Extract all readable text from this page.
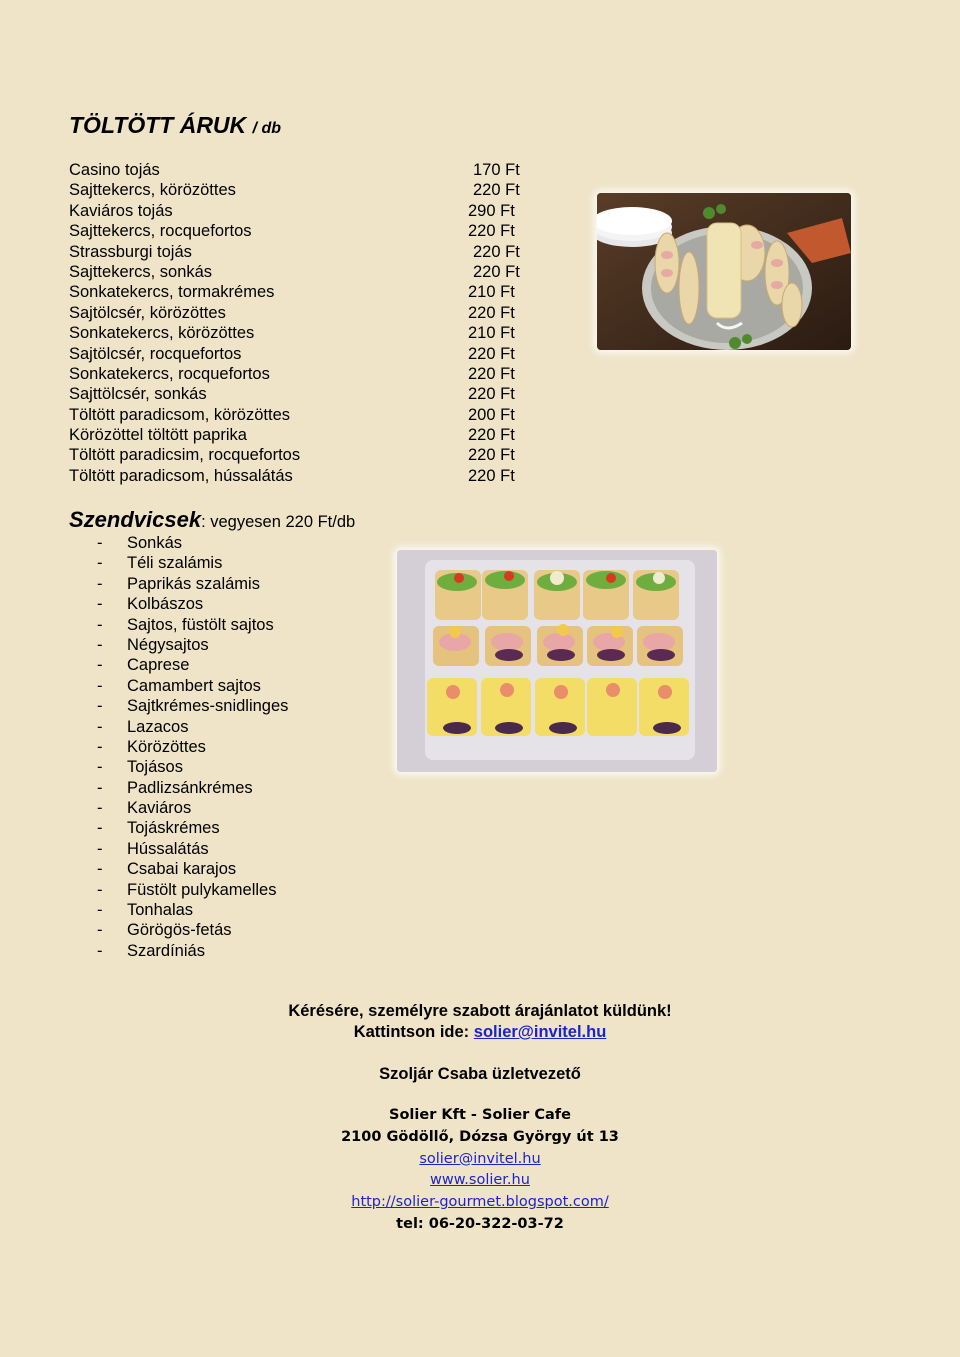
TÖLTÖTT ÁRUK / db
Casino tojás
Sajttekercs, körözöttes
Kaviáros tojás
Sajttekercs, rocquefortos
Strassburgi tojás
Sajttekercs, sonkás
Sonkatekercs, tormakrémes
Sajtölcsér, körözöttes
Sonkatekercs, körözöttes
Sajtölcsér, rocquefortos
Sonkatekercs, rocquefortos
Sajttölcsér, sonkás
Töltött paradicsom, körözöttes
Körözöttel töltött paprika
Töltött paradicsim, rocquefortos
Töltött paradicsom, hússalátás
170 Ft
220 Ft
290 Ft
220 Ft
220 Ft
220 Ft
210 Ft
220 Ft
210 Ft
220 Ft
220 Ft
220 Ft
200 Ft
220 Ft
220 Ft
220 Ft
Szendvicsek: vegyesen 220 Ft/db
- Sonkás
- Téli szalámis
- Paprikás szalámis
- Kolbászos
- Sajtos, füstölt sajtos
- Négysajtos
- Caprese
- Camambert sajtos
- Sajtkrémes-snidlinges
- Lazacos
- Körözöttes
- Tojásos
- Padlizsánkrémes
- Kaviáros
- Tojáskrémes
- Hússalátás
- Csabai karajos
- Füstölt pulykamelles
- Tonhalas
- Görögös-fetás
- Szardíniás
Kérésére, személyre szabott árajánlatot küldünk!
Kattintson ide: solier@invitel.hu
Szoljár Csaba üzletvezető
Solier Kft - Solier Cafe
2100 Gödöllő, Dózsa György út 13
solier@invitel.hu
www.solier.hu
http://solier-gourmet.blogspot.com/
tel: 06-20-322-03-72
